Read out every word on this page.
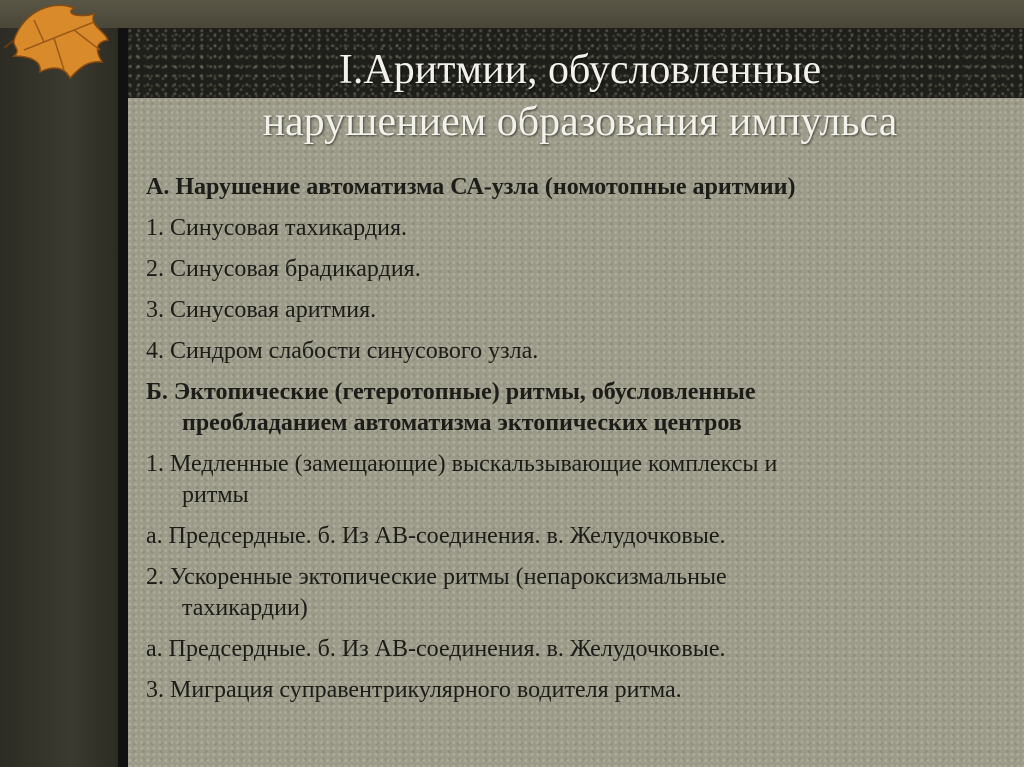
I.Аритмии, обусловленные
нарушением образования импульса

А. Нарушение автоматизма СА-узла (номотопные аритмии)

1. Синусовая тахикардия.

2. Синусовая брадикардия.

3. Синусовая аритмия.

4. Синдром слабости синусового узла.

Б. Эктопические (гетеротопные) ритмы, обусловленные
преобладанием автоматизма эктопических центров

1. Медленные (замещающие) выскальзывающие комплексы и
ритмы

а. Предсердные. б. Из АВ-соединения. в. Желудочковые.

2. Ускоренные эктопические ритмы (непароксизмальные
тахикардии)

а. Предсердные. б. Из АВ-соединения. в. Желудочковые.

3. Миграция суправентрикулярного водителя ритма.
